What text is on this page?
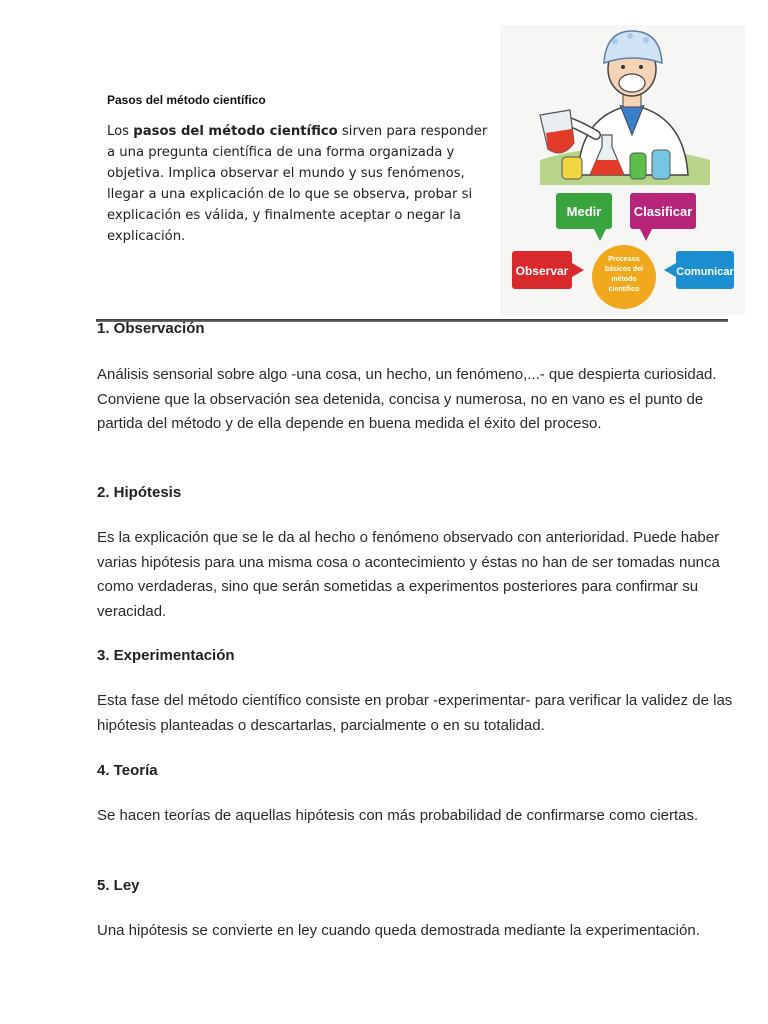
Pasos del método científico
Los pasos del método científico sirven para responder a una pregunta científica de una forma organizada y objetiva. Implica observar el mundo y sus fenómenos, llegar a una explicación de lo que se observa, probar si explicación es válida, y finalmente aceptar o negar la explicación.
Medir Clasificar
Observar	Comunicar
Procesos
básicos del
método
científico
1. Observación
Análisis sensorial sobre algo -una cosa, un hecho, un fenómeno,...- que despierta curiosidad. Conviene que la observación sea detenida, concisa y numerosa, no en vano es el punto de partida del método y de ella depende en buena medida el éxito del proceso.
2. Hipótesis
Es la explicación que se le da al hecho o fenómeno observado con anterioridad. Puede haber varias hipótesis para una misma cosa o acontecimiento y éstas no han de ser tomadas nunca como verdaderas, sino que serán sometidas a experimentos posteriores para confirmar su veracidad.
3. Experimentación
Esta fase del método científico consiste en probar -experimentar- para verificar la validez de las hipótesis planteadas o descartarlas, parcialmente o en su totalidad.
4. Teoría
Se hacen teorías de aquellas hipótesis con más probabilidad de confirmarse como ciertas.
5. Ley
Una hipótesis se convierte en ley cuando queda demostrada mediante la experimentación.
